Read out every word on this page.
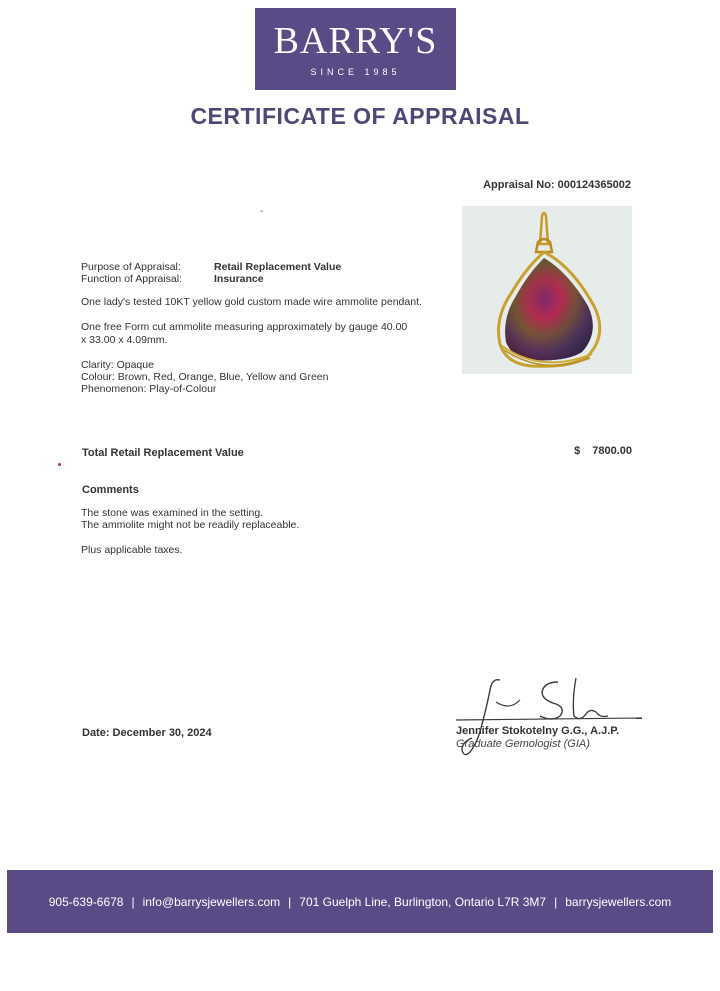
BARRY'S
SINCE 1985
CERTIFICATE OF APPRAISAL
Appraisal No: 000124365002
-
Purpose of Appraisal:	Retail Replacement Value
Function of Appraisal:	Insurance
One lady's tested 10KT yellow gold custom made wire ammolite pendant.
One free Form cut ammolite measuring approximately by gauge 40.00
x 33.00 x 4.09mm.
Clarity: Opaque
Colour: Brown, Red, Orange, Blue, Yellow and Green
Phenomenon: Play-of-Colour
Total Retail Replacement Value	$ 7800.00
Comments
The stone was examined in the setting.
The ammolite might not be readily replaceable.
Plus applicable taxes.
Date: December 30, 2024	Jennifer Stokotelny G.G., A.J.P.
Graduate Gemologist (GIA)
905-639-6678 | info@barrysjewellers.com | 701 Guelph Line, Burlington, Ontario L7R 3M7 | barrysjewellers.com
